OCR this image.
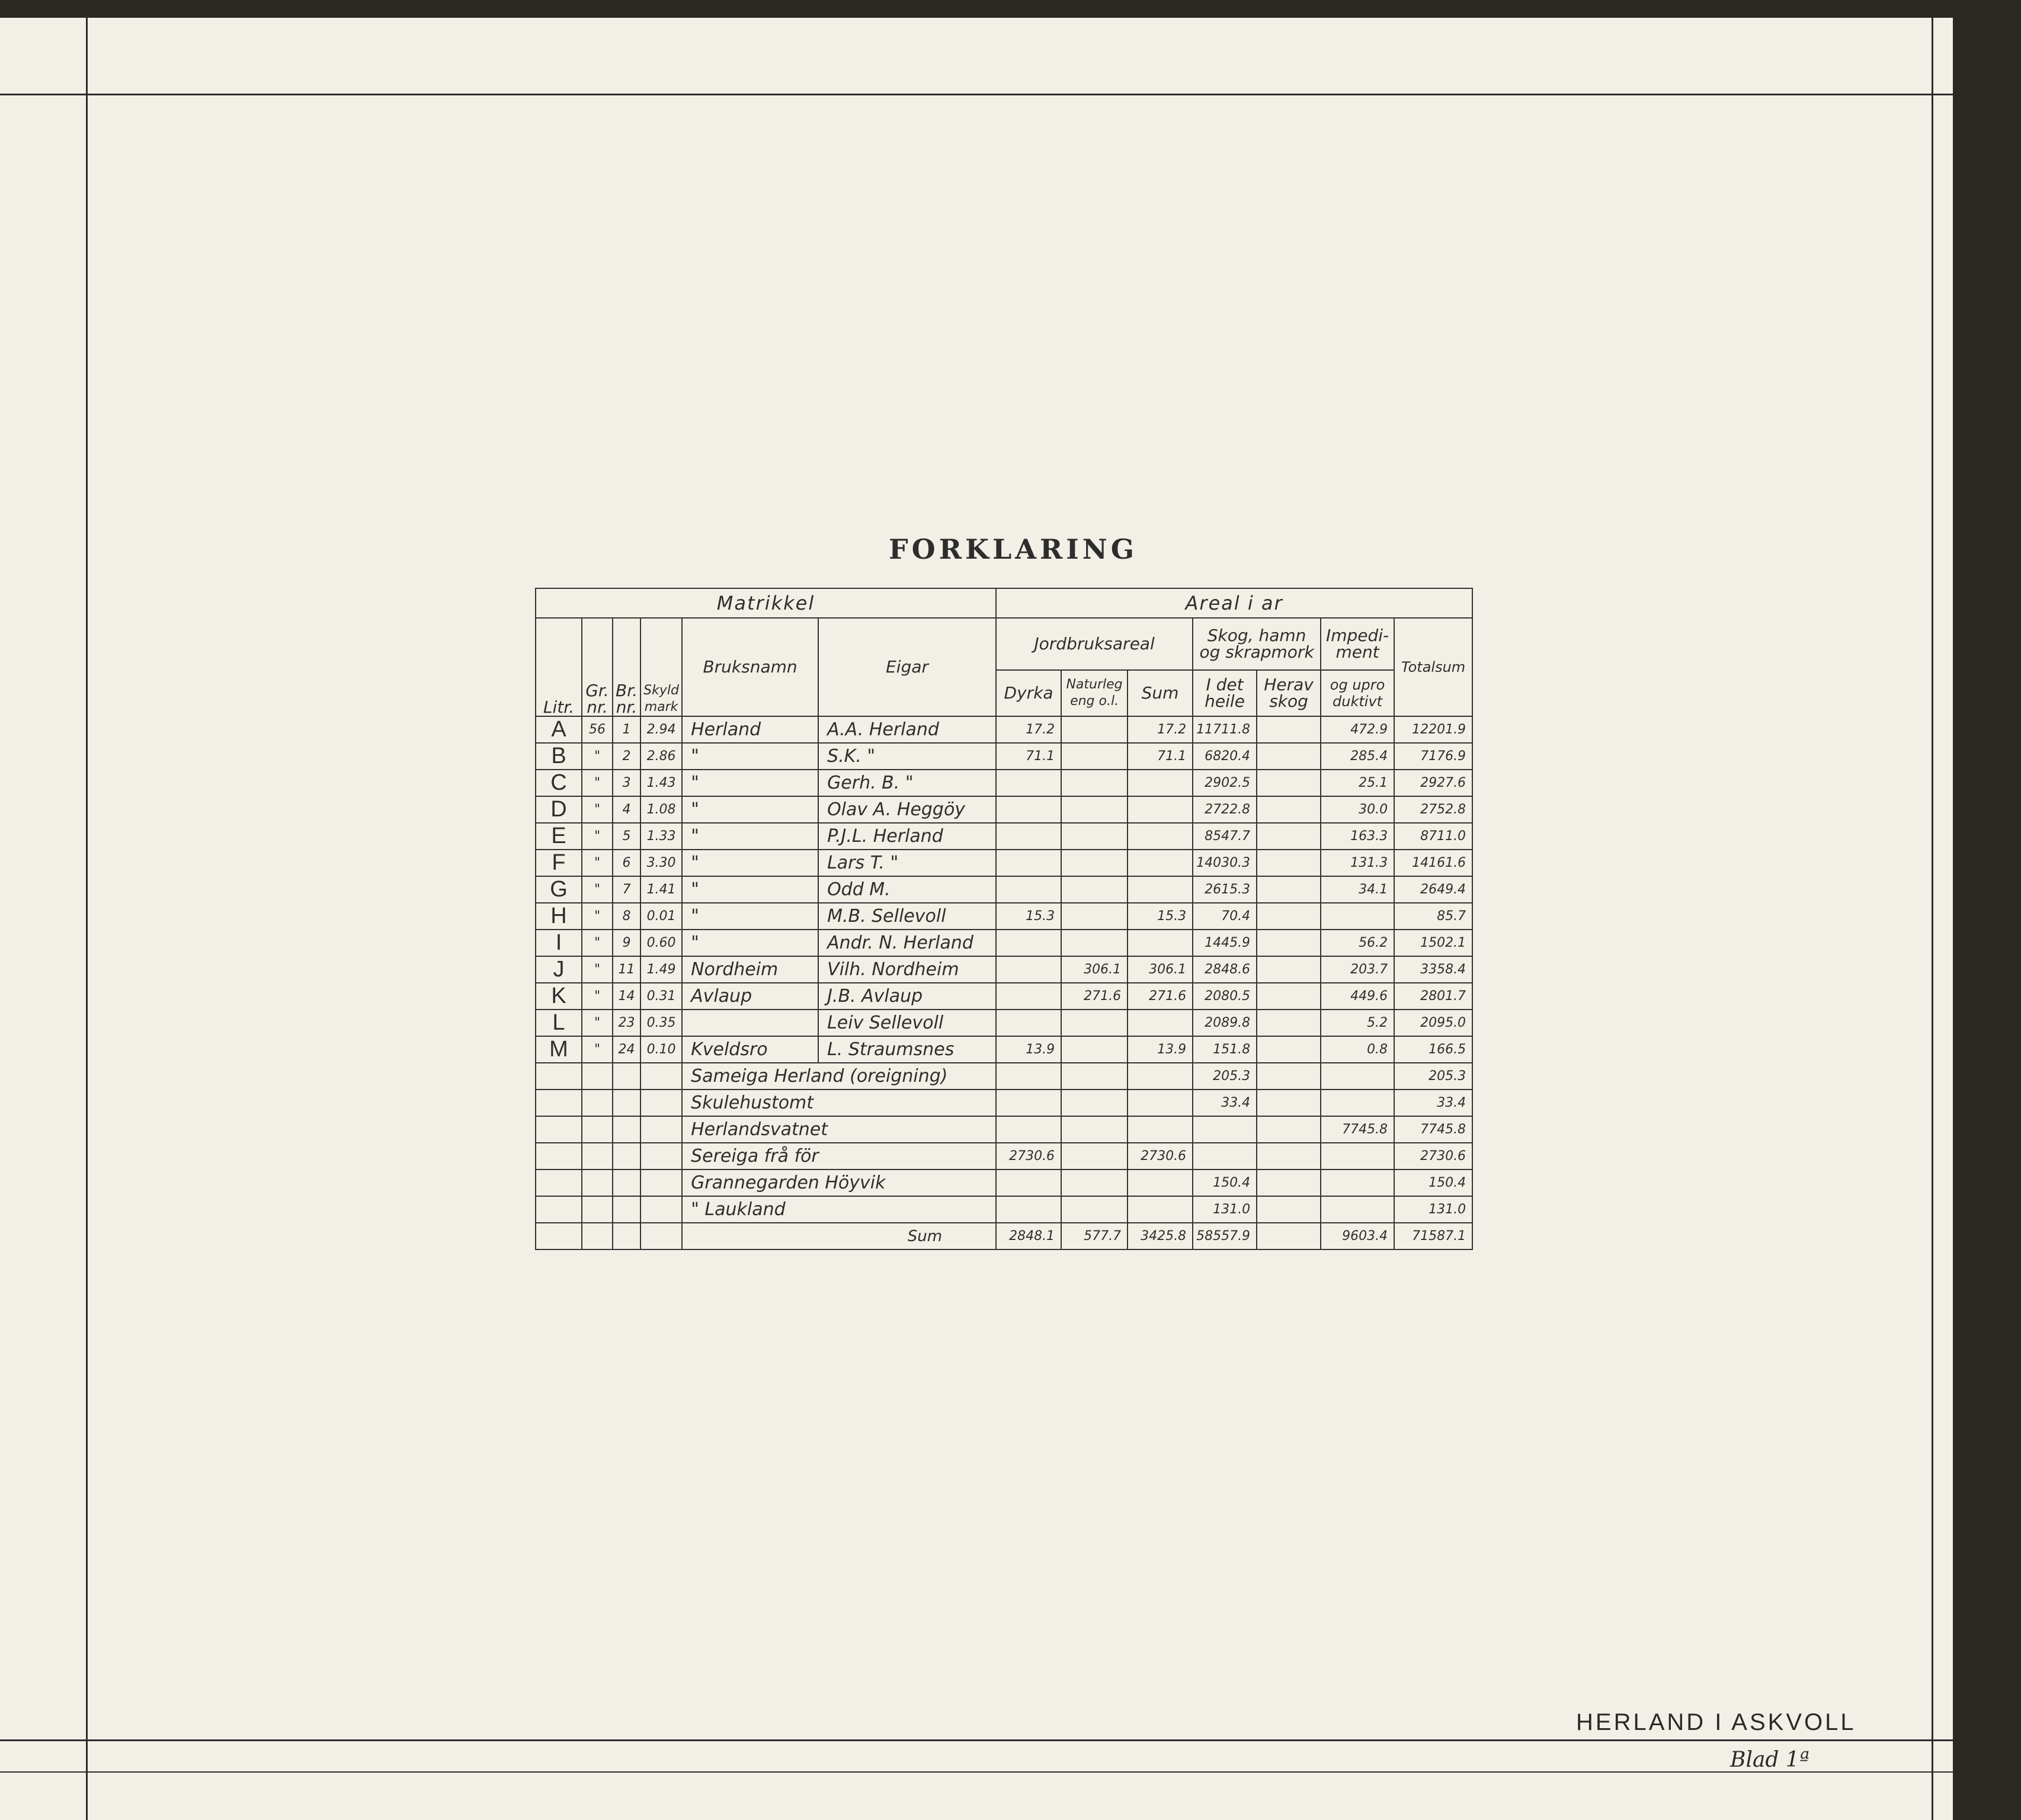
FORKLARING
Matrikkel						Areal i ar						
Litr.	Gr. nr.	Br. nr.	Skyld mark	Bruksnamn	Eigar	Jordbruksareal			Skog, hamn og skrapmork		Impedi- ment	Totalsum
						Dyrka	Naturleg eng o.l.	Sum	I det heile	Herav skog	og upro duktivt	
A	56	1	2.94	Herland	A.A. Herland	17.2		17.2	11711.8		472.9	12201.9
B	"	2	2.86	"	S.K. "	71.1		71.1	6820.4		285.4	7176.9
C	"	3	1.43	"	Gerh. B. "				2902.5		25.1	2927.6
D	"	4	1.08	"	Olav A. Heggöy				2722.8		30.0	2752.8
E	"	5	1.33	"	P.J.L. Herland				8547.7		163.3	8711.0
F	"	6	3.30	"	Lars T. "				14030.3		131.3	14161.6
G	"	7	1.41	"	Odd M.				2615.3		34.1	2649.4
H	"	8	0.01	"	M.B. Sellevoll	15.3		15.3	70.4			85.7
I	"	9	0.60	"	Andr. N. Herland				1445.9		56.2	1502.1
J	"	11	1.49	Nordheim	Vilh. Nordheim		306.1	306.1	2848.6		203.7	3358.4
K	"	14	0.31	Avlaup	J.B. Avlaup		271.6	271.6	2080.5		449.6	2801.7
L	"	23	0.35		Leiv Sellevoll				2089.8		5.2	2095.0
M	"	24	0.10	Kveldsro	L. Straumsnes	13.9		13.9	151.8		0.8	166.5
				Sameiga Herland (oreigning)					205.3			205.3
				Skulehustomt					33.4			33.4
				Herlandsvatnet							7745.8	7745.8
				Sereiga frå för		2730.6		2730.6				2730.6
				Grannegarden Höyvik					150.4			150.4
				" Laukland					131.0			131.0
				Sum		2848.1	577.7	3425.8	58557.9		9603.4	71587.1
HERLAND I ASKVOLL
Blad 1ª
